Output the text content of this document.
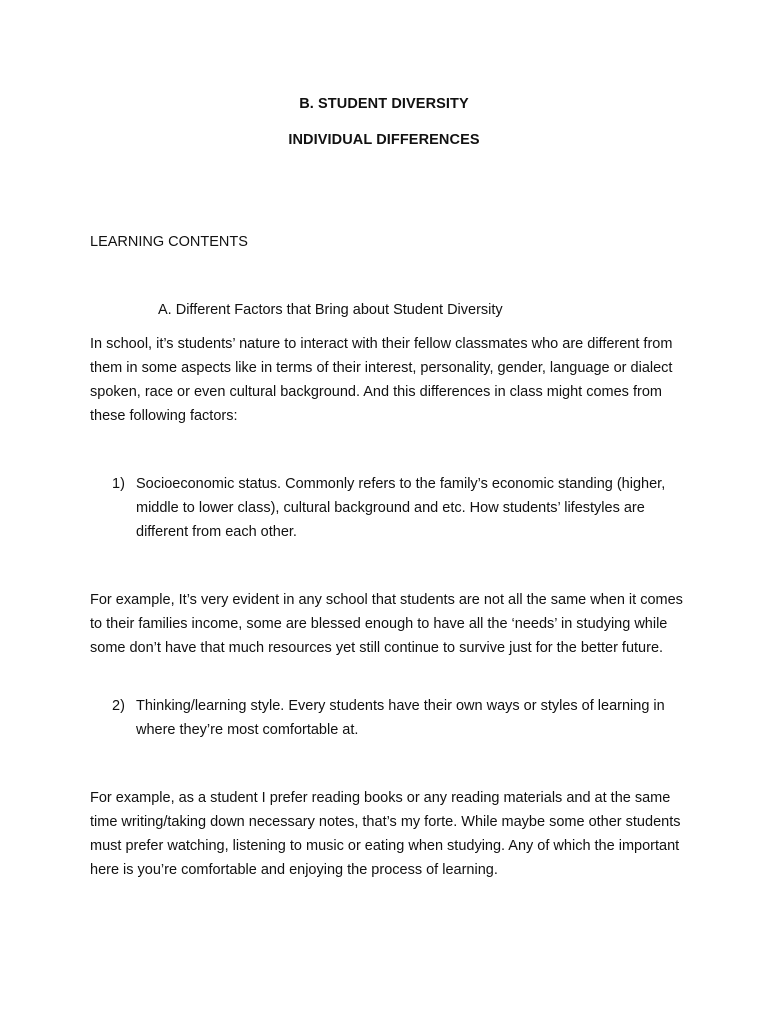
B. STUDENT DIVERSITY
INDIVIDUAL DIFFERENCES
LEARNING CONTENTS
A. Different Factors that Bring about Student Diversity

In school, it’s students’ nature to interact with their fellow classmates who are different from them in some aspects like in terms of their interest, personality, gender, language or dialect spoken, race or even cultural background. And this differences in class might comes from these following factors:

1) Socioeconomic status. Commonly refers to the family’s economic standing (higher, middle to lower class), cultural background and etc. How students’ lifestyles are different from each other.

For example, It’s very evident in any school that students are not all the same when it comes to their families income, some are blessed enough to have all the ‘needs’ in studying while some don’t have that much resources yet still continue to survive just for the better future.

2) Thinking/learning style. Every students have their own ways or styles of learning in where they’re most comfortable at.

For example, as a student I prefer reading books or any reading materials and at the same time writing/taking down necessary notes, that’s my forte. While maybe some other students must prefer watching, listening to music or eating when studying. Any of which the important here is you’re comfortable and enjoying the process of learning.
